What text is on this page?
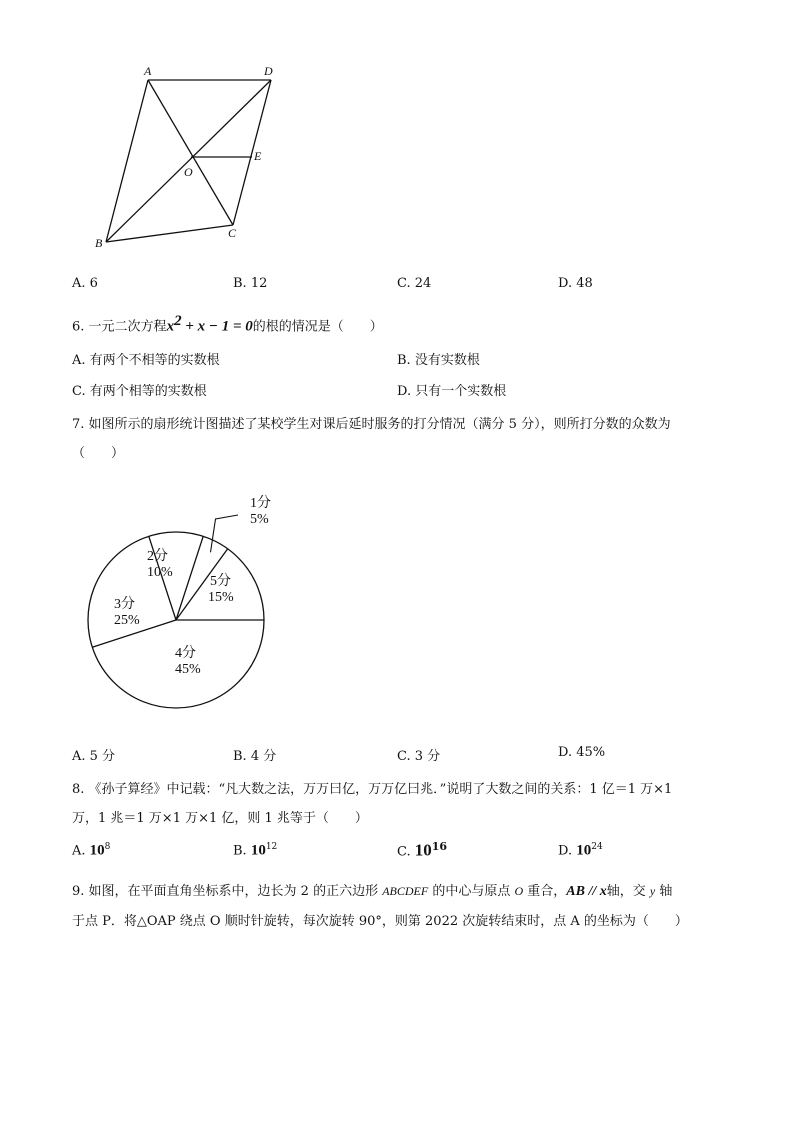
A	D
E
O
B
C
A. 6	B. 12	C. 24	D. 48
6. 一元二次方程$x^2 + x - 1 = 0$的根的情况是（　　）
A. 有两个不相等的实数根	B. 没有实数根
C. 有两个相等的实数根	D. 只有一个实数根
7. 如图所示的扇形统计图描述了某校学生对课后延时服务的打分情况（满分 5 分），则所打分数的众数为
（　　）
1分
5%
2分
10%
3分
25%
4分
45%
5分
15%
A. 5 分	B. 4 分	C. 3 分	D. 45%
8. 《孙子算经》中记载：“凡大数之法，万万曰亿，万万亿曰兆．”说明了大数之间的关系：1 亿＝1 万×1
万，1 兆＝1 万×1 万×1 亿，则 1 兆等于（　　）
A. $10^8$	B. $10^{12}$	C. $10^{16}$	D. $10^{24}$
9. 如图，在平面直角坐标系中，边长为 2 的正六边形 ABCDEF 的中心与原点 O 重合，AB // x轴，交 y 轴
于点 P．将△OAP 绕点 O 顺时针旋转，每次旋转 90°，则第 2022 次旋转结束时，点 A 的坐标为（　　）
